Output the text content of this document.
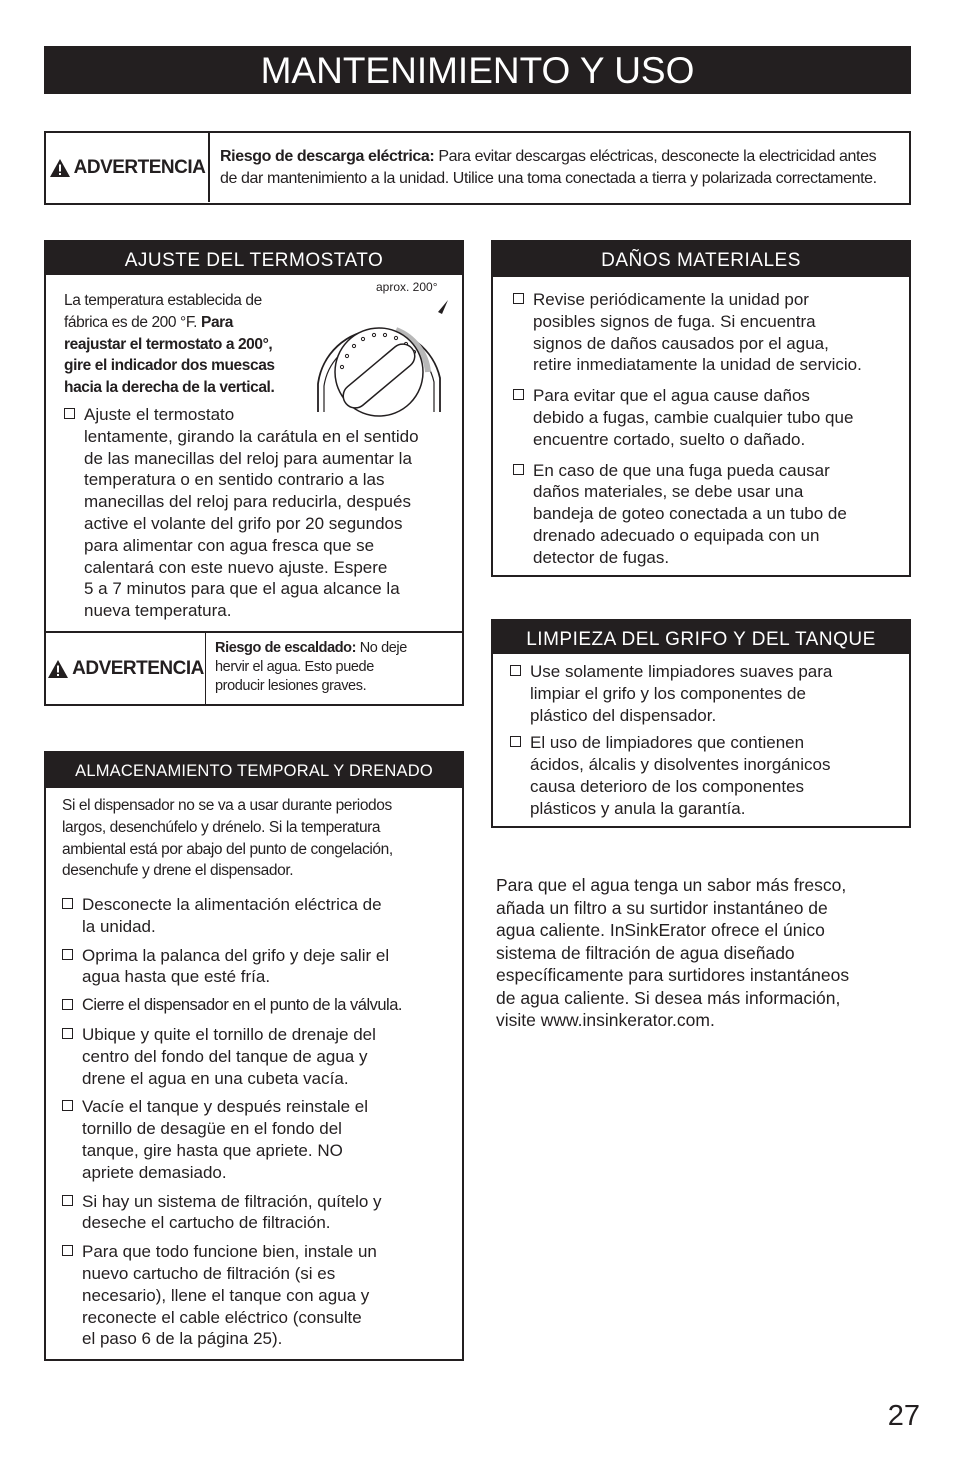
MANTENIMIENTO Y USO
ADVERTENCIA Riesgo de descarga eléctrica: Para evitar descargas eléctricas, desconecte la electricidad antes

de dar mantenimiento a la unidad. Utilice una toma conectada a tierra y polarizada correctamente.

AJUSTE DEL TERMOSTATO
aprox. 200°

La temperatura establecida de

fábrica es de 200 °F. Para

reajustar el termostato a 200°,

gire el indicador dos muescas

hacia la derecha de la vertical.

Ajuste el termostato

lentamente, girando la carátula en el sentido

de las manecillas del reloj para aumentar la

temperatura o en sentido contrario a las

manecillas del reloj para reducirla, después

active el volante del grifo por 20 segundos

para alimentar con agua fresca que se

calentará con este nuevo ajuste. Espere

5 a 7 minutos para que el agua alcance la

nueva temperatura.

ADVERTENCIA

Riesgo de escaldado: No deje

hervir el agua. Esto puede

producir lesiones graves.

ALMACENAMIENTO TEMPORAL Y DRENADO

Si el dispensador no se va a usar durante periodos

largos, desenchúfelo y drénelo. Si la temperatura

ambiental está por abajo del punto de congelación,

desenchufe y drene el dispensador.

Desconecte la alimentación eléctrica de

la unidad.

Oprima la palanca del grifo y deje salir el

agua hasta que esté fría.

Cierre el dispensador en el punto de la válvula.

Ubique y quite el tornillo de drenaje del

centro del fondo del tanque de agua y

drene el agua en una cubeta vacía.

Vacíe el tanque y después reinstale el

tornillo de desagüe en el fondo del

tanque, gire hasta que apriete. NO

apriete demasiado.

Si hay un sistema de filtración, quítelo y

deseche el cartucho de filtración.

Para que todo funcione bien, instale un

nuevo cartucho de filtración (si es

necesario), llene el tanque con agua y

reconecte el cable eléctrico (consulte

el paso 6 de la página 25).

DAÑOS MATERIALES

Revise periódicamente la unidad por

posibles signos de fuga. Si encuentra

signos de daños causados por el agua,

retire inmediatamente la unidad de servicio.

Para evitar que el agua cause daños

debido a fugas, cambie cualquier tubo que

encuentre cortado, suelto o dañado.

En caso de que una fuga pueda causar

daños materiales, se debe usar una

bandeja de goteo conectada a un tubo de

drenado adecuado o equipada con un

detector de fugas.

LIMPIEZA DEL GRIFO Y DEL TANQUE

Use solamente limpiadores suaves para

limpiar el grifo y los componentes de

plástico del dispensador.

El uso de limpiadores que contienen

ácidos, álcalis y disolventes inorgánicos

causa deterioro de los componentes

plásticos y anula la garantía.

Para que el agua tenga un sabor más fresco,

añada un filtro a su surtidor instantáneo de

agua caliente. InSinkErator ofrece el único

sistema de filtración de agua diseñado

específicamente para surtidores instantáneos

de agua caliente. Si desea más información,

visite www.insinkerator.com.

27
